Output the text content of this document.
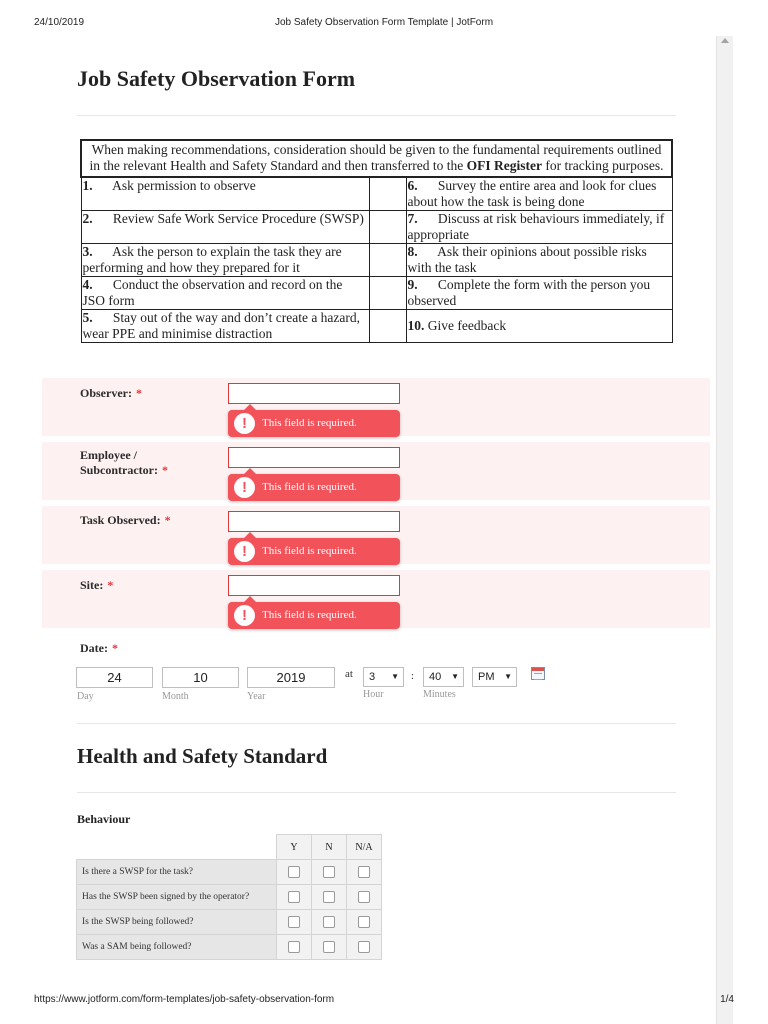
24/10/2019	Job Safety Observation Form Template | JotForm
Job Safety Observation Form
When making recommendations, consideration should be given to the fundamental requirements outlined in the relevant Health and Safety Standard and then transferred to the OFI Register for tracking purposes.		
1. Ask permission to observe		6. Survey the entire area and look for clues about how the task is being done
2. Review Safe Work Service Procedure (SWSP)		7. Discuss at risk behaviours immediately, if appropriate
3. Ask the person to explain the task they are performing and how they prepared for it		8. Ask their opinions about possible risks with the task
4. Conduct the observation and record on the JSO form		9. Complete the form with the person you observed
5. Stay out of the way and don’t create a hazard, wear PPE and minimise distraction		10. Give feedback
Observer: *
!	This field is required.
Employee /
Subcontractor: *
!	This field is required.
Task Observed: *
!	This field is required.
Site: *
!	This field is required.
Date: *
24
Day
10
Month
2019
Year
at	3 ▼
Hour
:	40 ▼
Minutes
PM ▼
Health and Safety Standard
Behaviour
	Y	N	N/A
Is there a SWSP for the task?			
Has the SWSP been signed by the operator?			
Is the SWSP being followed?			
Was a SAM being followed?			
https://www.jotform.com/form-templates/job-safety-observation-form	1/4
